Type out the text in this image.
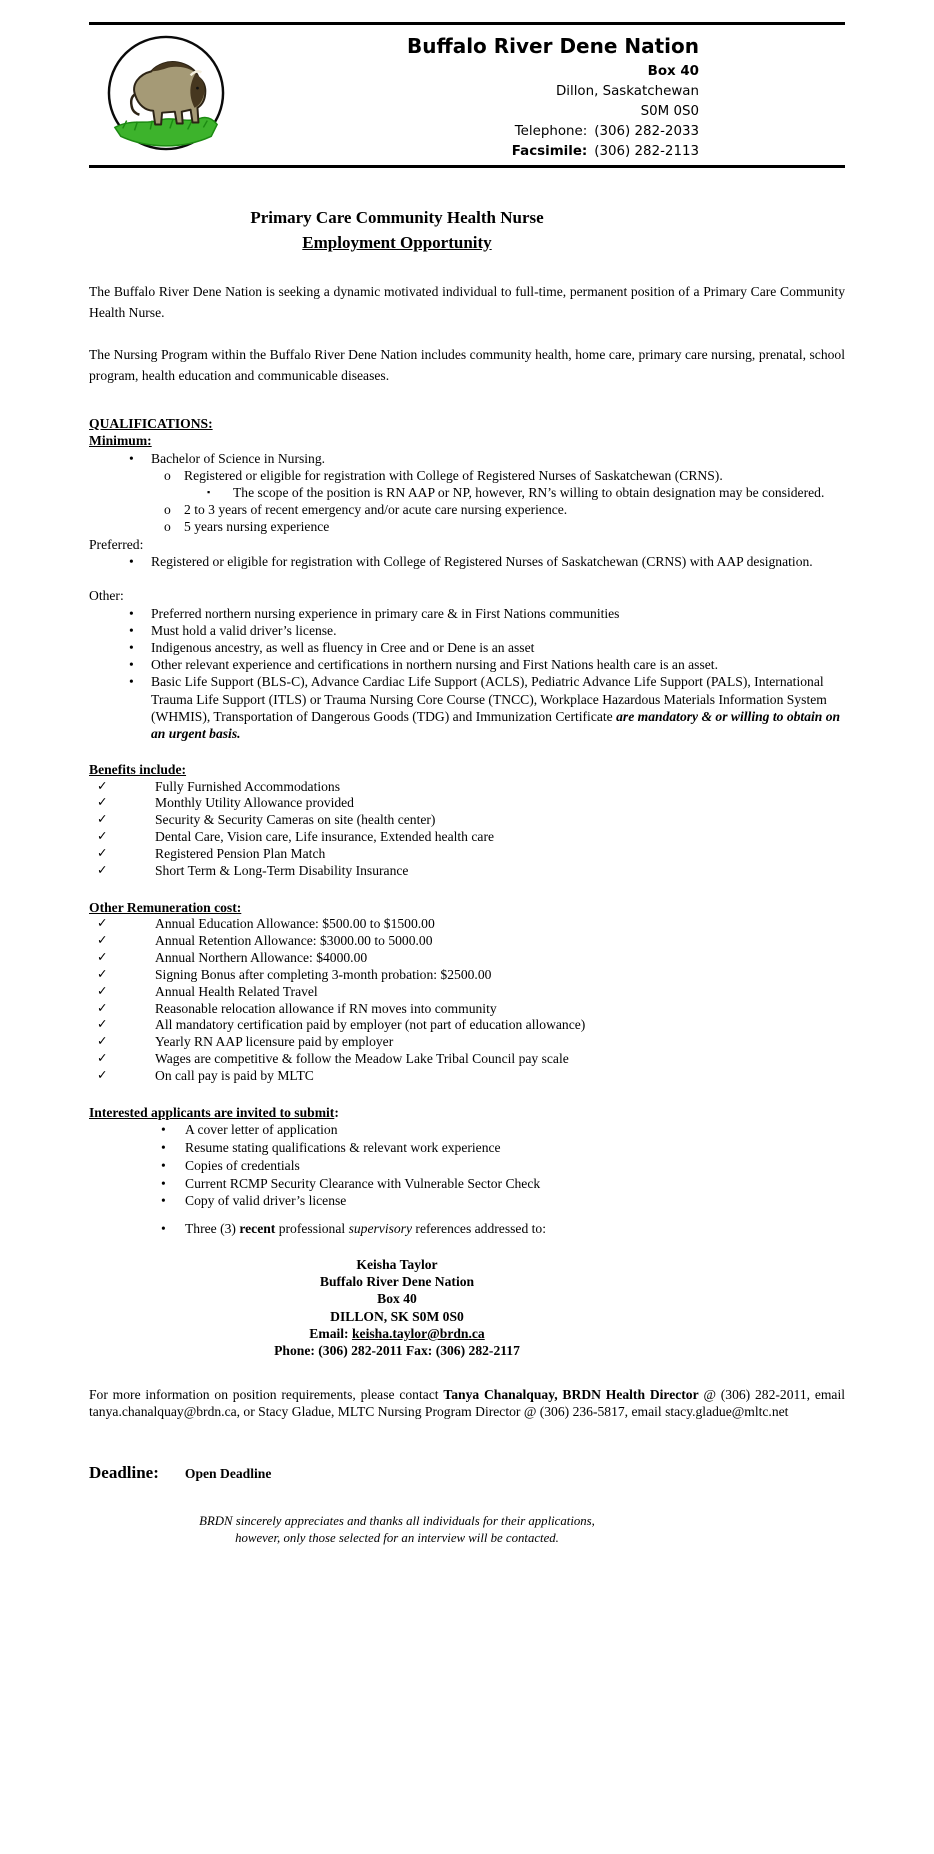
Buffalo River Dene Nation
Box 40
Dillon, Saskatchewan
S0M 0S0
Telephone: (306) 282-2033
Facsimile: (306) 282-2113
Primary Care Community Health Nurse
Employment Opportunity

The Buffalo River Dene Nation is seeking a dynamic motivated individual to full-time, permanent position of a Primary Care Community Health Nurse.

The Nursing Program within the Buffalo River Dene Nation includes community health, home care, primary care nursing, prenatal, school program, health education and communicable diseases.

QUALIFICATIONS:
Minimum:
•	Bachelor of Science in Nursing.
o Registered or eligible for registration with College of Registered Nurses of Saskatchewan (CRNS).
▪	The scope of the position is RN AAP or NP, however, RN’s willing to obtain designation may be considered.
o 2 to 3 years of recent emergency and/or acute care nursing experience.
o 5 years nursing experience
Preferred:
•	Registered or eligible for registration with College of Registered Nurses of Saskatchewan (CRNS) with AAP designation.
Other:
•	Preferred northern nursing experience in primary care & in First Nations communities
•	Must hold a valid driver’s license.
•	Indigenous ancestry, as well as fluency in Cree and or Dene is an asset
•	Other relevant experience and certifications in northern nursing and First Nations health care is an asset.
•	Basic Life Support (BLS-C), Advance Cardiac Life Support (ACLS), Pediatric Advance Life Support (PALS), International Trauma Life Support (ITLS) or Trauma Nursing Core Course (TNCC), Workplace Hazardous Materials Information System (WHMIS), Transportation of Dangerous Goods (TDG) and Immunization Certificate are mandatory & or willing to obtain on an urgent basis.
Benefits include:
✓	Fully Furnished Accommodations
✓	Monthly Utility Allowance provided
✓	Security & Security Cameras on site (health center)
✓	Dental Care, Vision care, Life insurance, Extended health care
✓	Registered Pension Plan Match
✓	Short Term & Long-Term Disability Insurance
Other Remuneration cost:
✓	Annual Education Allowance: $500.00 to $1500.00
✓	Annual Retention Allowance: $3000.00 to 5000.00
✓	Annual Northern Allowance: $4000.00
✓	Signing Bonus after completing 3-month probation: $2500.00
✓	Annual Health Related Travel
✓	Reasonable relocation allowance if RN moves into community
✓	All mandatory certification paid by employer (not part of education allowance)
✓	Yearly RN AAP licensure paid by employer
✓	Wages are competitive & follow the Meadow Lake Tribal Council pay scale
✓	On call pay is paid by MLTC
Interested applicants are invited to submit:
•	A cover letter of application
•	Resume stating qualifications & relevant work experience
•	Copies of credentials
•	Current RCMP Security Clearance with Vulnerable Sector Check
•	Copy of valid driver’s license
•	Three (3) recent professional supervisory references addressed to:
Keisha Taylor
Buffalo River Dene Nation
Box 40
DILLON, SK S0M 0S0
Email: keisha.taylor@brdn.ca
Phone: (306) 282-2011 Fax: (306) 282-2117

For more information on position requirements, please contact Tanya Chanalquay, BRDN Health Director @ (306) 282-2011, email tanya.chanalquay@brdn.ca, or Stacy Gladue, MLTC Nursing Program Director @ (306) 236-5817, email stacy.gladue@mltc.net

Deadline: Open Deadline
BRDN sincerely appreciates and thanks all individuals for their applications,
however, only those selected for an interview will be contacted.
